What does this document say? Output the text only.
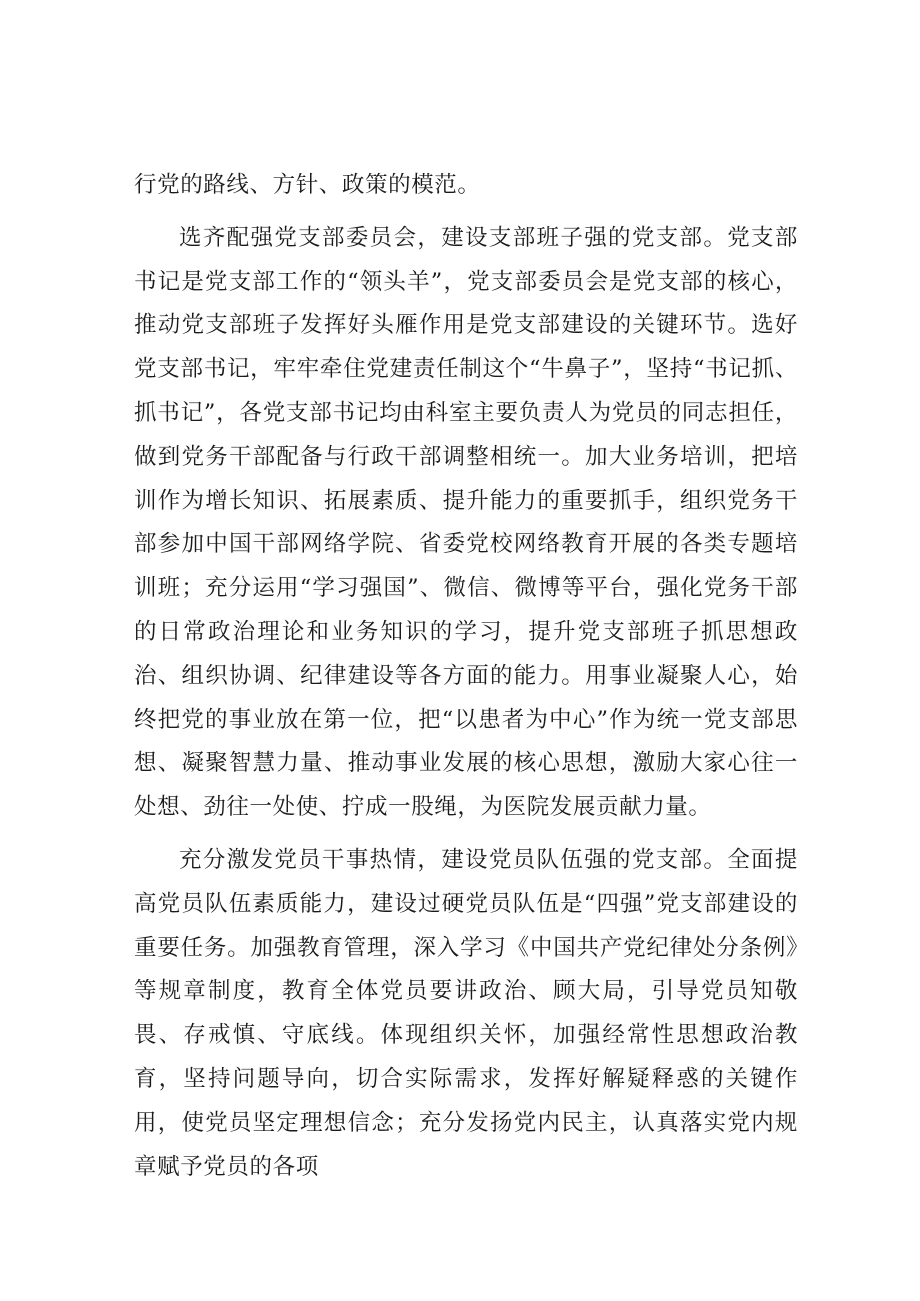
行党的路线、方针、政策的模范。

选齐配强党支部委员会，建设支部班子强的党支部。党支部书记是党支部工作的“领头羊”，党支部委员会是党支部的核心，推动党支部班子发挥好头雁作用是党支部建设的关键环节。选好党支部书记，牢牢牵住党建责任制这个“牛鼻子”，坚持“书记抓、抓书记”，各党支部书记均由科室主要负责人为党员的同志担任，做到党务干部配备与行政干部调整相统一。加大业务培训，把培训作为增长知识、拓展素质、提升能力的重要抓手，组织党务干部参加中国干部网络学院、省委党校网络教育开展的各类专题培训班；充分运用“学习强国”、微信、微博等平台，强化党务干部的日常政治理论和业务知识的学习，提升党支部班子抓思想政治、组织协调、纪律建设等各方面的能力。用事业凝聚人心，始终把党的事业放在第一位，把“以患者为中心”作为统一党支部思想、凝聚智慧力量、推动事业发展的核心思想，激励大家心往一处想、劲往一处使、拧成一股绳，为医院发展贡献力量。

充分激发党员干事热情，建设党员队伍强的党支部。全面提高党员队伍素质能力，建设过硬党员队伍是“四强”党支部建设的重要任务。加强教育管理，深入学习《中国共产党纪律处分条例》等规章制度，教育全体党员要讲政治、顾大局，引导党员知敬畏、存戒慎、守底线。体现组织关怀，加强经常性思想政治教育，坚持问题导向，切合实际需求，发挥好解疑释惑的关键作用，使党员坚定理想信念；充分发扬党内民主，认真落实党内规章赋予党员的各项
